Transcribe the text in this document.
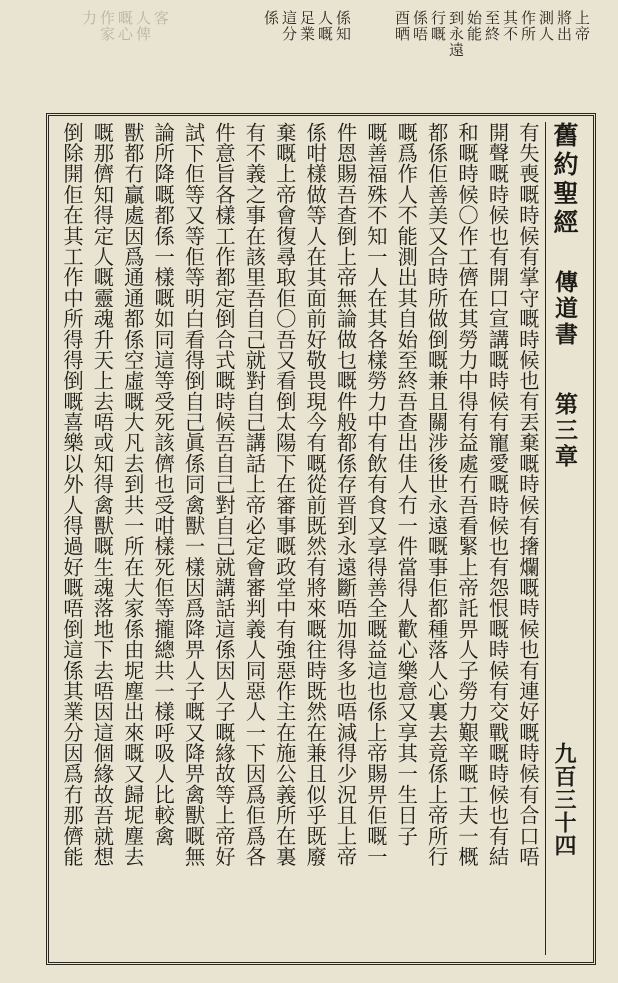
上帝
將出
測人
作所
其不
至終
始能
到永遠
行嘅
係唔
酉晒
係知
人嘅
足業
這分
係
客
人俾
嘅心
作家
力
舊約聖經
傳道書
第三章
九百三十四
有失喪嘅時候有掌守嘅時候也有丟棄嘅時候有撦爛嘅時候也有連好嘅時候有合口唔
開聲嘅時候也有開口宣講嘅時候有寵愛嘅時候也有怨恨嘅時候有交戰嘅時候也有結
和嘅時候〇作工儕在其勞力中得有益處冇吾看緊上帝託畀人子勞力艱辛嘅工夫一概
都係佢善美又合時所做倒嘅兼且關涉後世永遠嘅事佢都種落人心裏去竟係上帝所行
嘅爲作人不能測出其自始至終吾查出佳人冇一件當得人歡心樂意又享其一生日子
嘅善福殊不知一人在其各樣勞力中有飲有食又享得善全嘅益這也係上帝賜畀佢嘅一
件恩賜吾查倒上帝無論做乜嘅件般都係存晋到永遠斷唔加得多也唔減得少況且上帝
係咁樣做等人在其面前好敬畏現今有嘅從前既然有將來嘅往時既然在兼且似乎既廢
棄嘅上帝會復尋取佢〇吾又看倒太陽下在審事嘅政堂中有強惡作主在施公義所在裏
有不義之事在該里吾自己就對自己講話上帝必定會審判義人同惡人一下因爲佢爲各
件意旨各樣工作都定倒合式嘅時候吾自己對自己就講話這係因人子嘅緣故等上帝好
試下佢等又等佢等明白看得倒自己眞係同禽獸一樣因爲降畀人子嘅又降畀禽獸嘅無
論所降嘅都係一樣嘅如同這等受死該儕也受咁樣死佢等攏總共一樣呼吸人比較禽
獸都冇贏處因爲通通都係空虛嘅大凡去到共一所在大家係由坭塵出來嘅又歸坭塵去
嘅那儕知得定人嘅靈魂升天上去唔或知得禽獸嘅生魂落地下去唔因這個緣故吾就想
倒除開佢在其工作中所得得倒嘅喜樂以外人得過好嘅唔倒這係其業分因爲冇那儕能
